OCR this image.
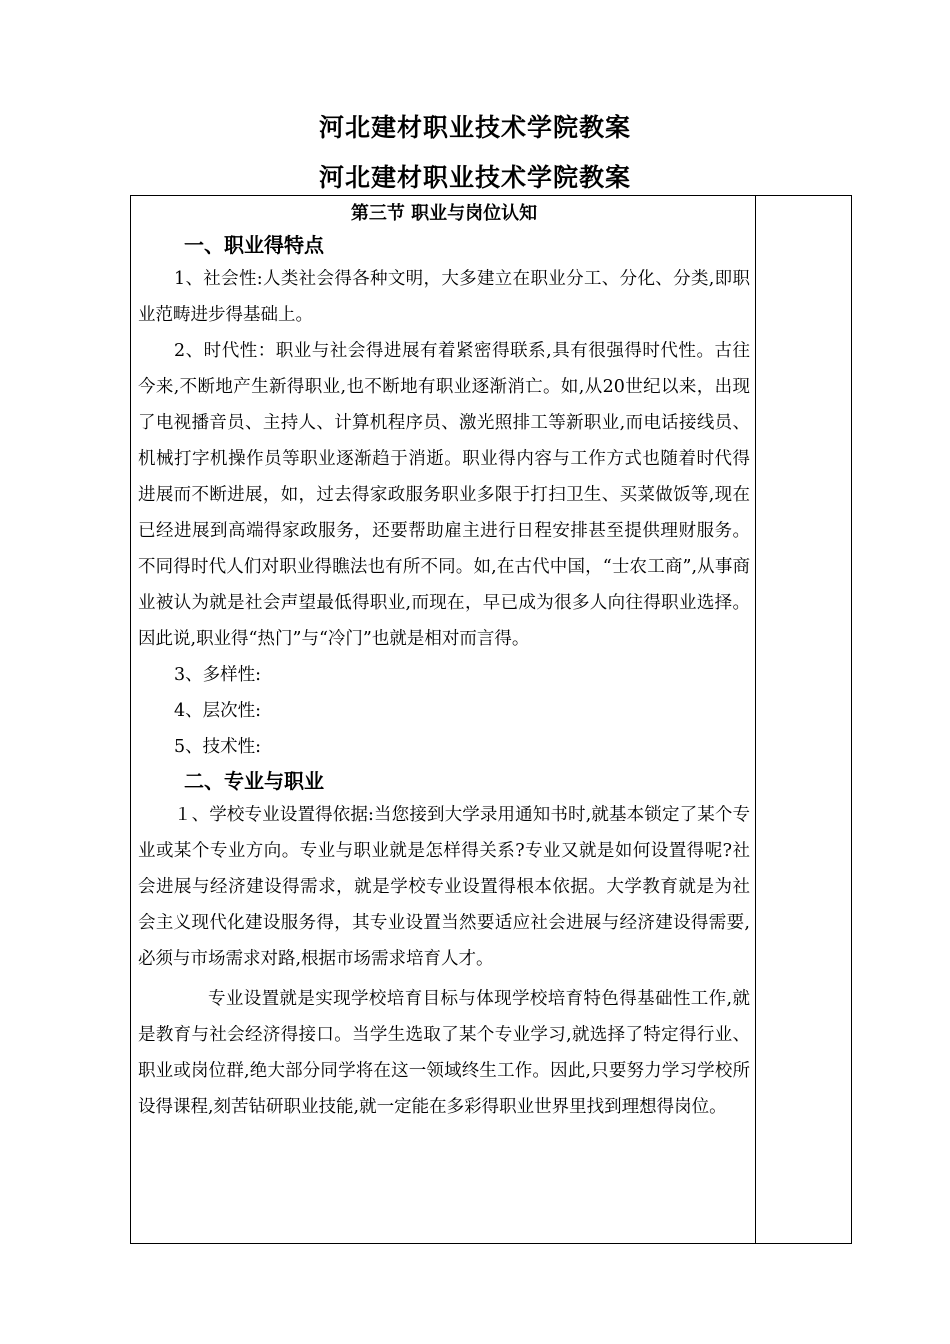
河北建材职业技术学院教案
河北建材职业技术学院教案
第三节 职业与岗位认知
一、职业得特点
1、社会性:人类社会得各种文明，大多建立在职业分工、分化、分类,即职业范畴进步得基础上。
2、时代性：职业与社会得进展有着紧密得联系,具有很强得时代性。古往今来,不断地产生新得职业,也不断地有职业逐渐消亡。如,从20世纪以来，出现了电视播音员、主持人、计算机程序员、激光照排工等新职业,而电话接线员、机械打字机操作员等职业逐渐趋于消逝。职业得内容与工作方式也随着时代得进展而不断进展，如，过去得家政服务职业多限于打扫卫生、买菜做饭等,现在已经进展到高端得家政服务，还要帮助雇主进行日程安排甚至提供理财服务。不同得时代人们对职业得瞧法也有所不同。如,在古代中国，“士农工商”,从事商业被认为就是社会声望最低得职业,而现在，早已成为很多人向往得职业选择。因此说,职业得“热门”与“冷门”也就是相对而言得。
3、多样性:
4、层次性:
5、技术性:
二、专业与职业
１、学校专业设置得依据:当您接到大学录用通知书时,就基本锁定了某个专业或某个专业方向。专业与职业就是怎样得关系?专业又就是如何设置得呢?社会进展与经济建设得需求，就是学校专业设置得根本依据。大学教育就是为社会主义现代化建设服务得，其专业设置当然要适应社会进展与经济建设得需要,必须与市场需求对路,根据市场需求培育人才。
专业设置就是实现学校培育目标与体现学校培育特色得基础性工作,就是教育与社会经济得接口。当学生选取了某个专业学习,就选择了特定得行业、职业或岗位群,绝大部分同学将在这一领域终生工作。因此,只要努力学习学校所设得课程,刻苦钻研职业技能,就一定能在多彩得职业世界里找到理想得岗位。
